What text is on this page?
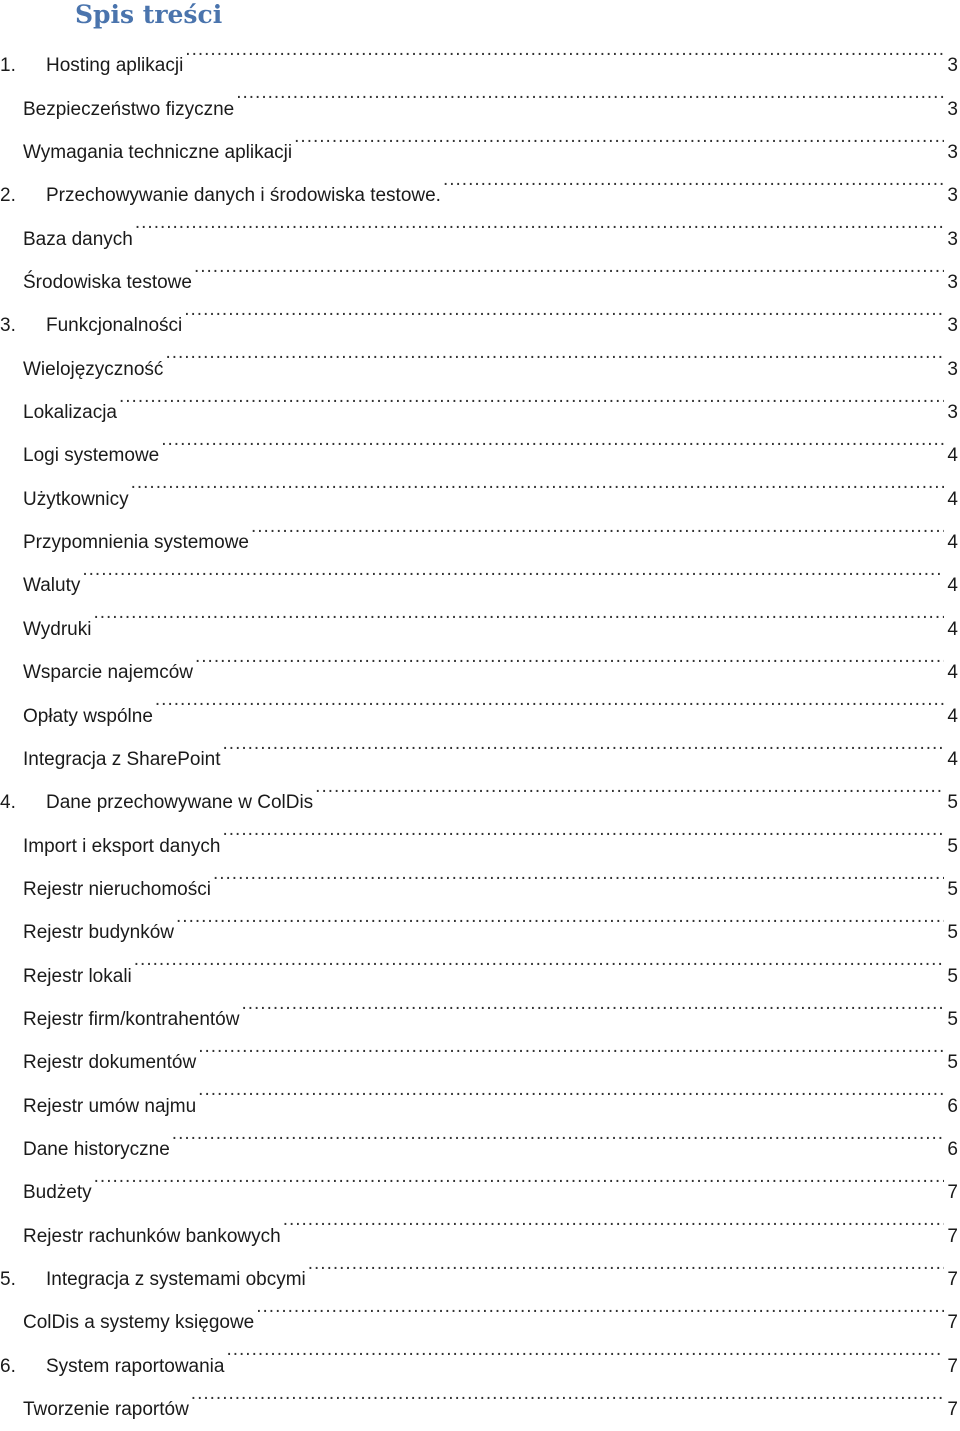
Spis treści
1.	Hosting aplikacji .....	3
Bezpieczeństwo fizyczne .....	3
Wymagania techniczne aplikacji .....	3
2.	Przechowywanie danych i środowiska testowe. .....	3
Baza danych .....	3
Środowiska testowe .....	3
3.	Funkcjonalności .....	3
Wielojęzyczność .....	3
Lokalizacja .....	3
Logi systemowe .....	4
Użytkownicy .....	4
Przypomnienia systemowe .....	4
Waluty .....	4
Wydruki .....	4
Wsparcie najemców .....	4
Opłaty wspólne .....	4
Integracja z SharePoint .....	4
4.	Dane przechowywane w ColDis .....	5
Import i eksport danych .....	5
Rejestr nieruchomości .....	5
Rejestr budynków .....	5
Rejestr lokali .....	5
Rejestr firm/kontrahentów .....	5
Rejestr dokumentów .....	5
Rejestr umów najmu .....	6
Dane historyczne .....	6
Budżety .....	7
Rejestr rachunków bankowych .....	7
5.	Integracja z systemami obcymi .....	7
ColDis a systemy księgowe .....	7
6.	System raportowania .....	7
Tworzenie raportów .....	7
